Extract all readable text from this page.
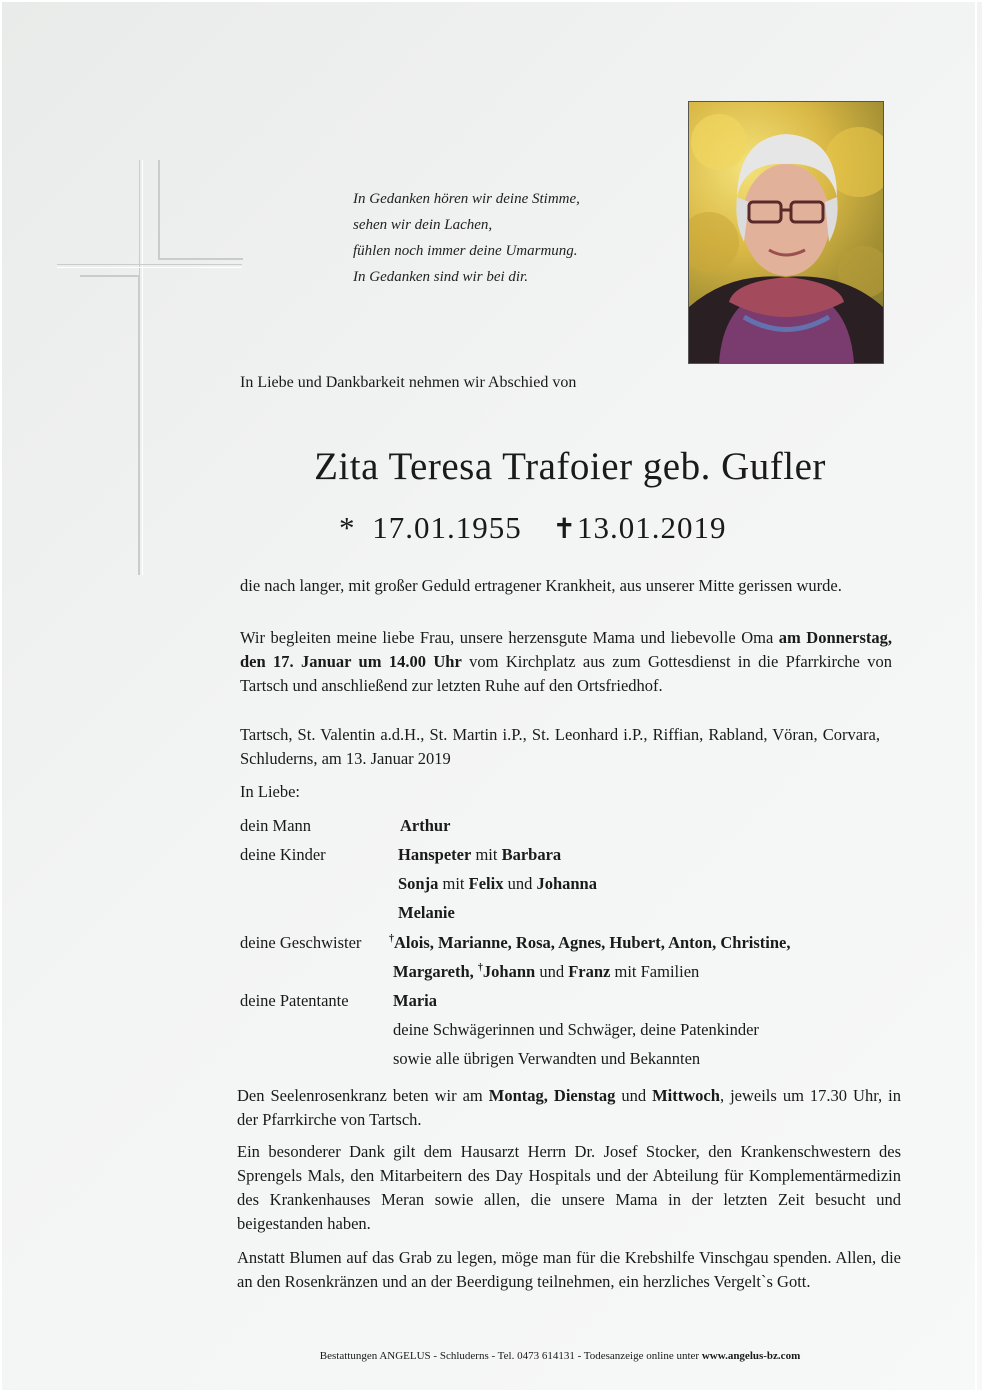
In Gedanken hören wir deine Stimme,
sehen wir dein Lachen,
fühlen noch immer deine Umarmung.
In Gedanken sind wir bei dir.
In Liebe und Dankbarkeit nehmen wir Abschied von
Zita Teresa Trafoier geb. Gufler
* 17.01.1955 ✝13.01.2019
die nach langer, mit großer Geduld ertragener Krankheit, aus unserer Mitte gerissen wurde.
Wir begleiten meine liebe Frau, unsere herzensgute Mama und liebevolle Oma am Donnerstag, den 17. Januar um 14.00 Uhr vom Kirchplatz aus zum Gottesdienst in die Pfarrkirche von Tartsch und anschließend zur letzten Ruhe auf den Ortsfriedhof.
Tartsch, St. Valentin a.d.H., St. Martin i.P., St. Leonhard i.P., Riffian, Rabland, Vöran, Corvara, Schluderns, am 13. Januar 2019
In Liebe:
dein Mann	Arthur
deine Kinder	Hanspeter mit Barbara
Sonja mit Felix und Johanna
Melanie
deine Geschwister	†Alois, Marianne, Rosa, Agnes, Hubert, Anton, Christine,
Margareth, †Johann und Franz mit Familien
deine Patentante	Maria
deine Schwägerinnen und Schwäger, deine Patenkinder
sowie alle übrigen Verwandten und Bekannten
Den Seelenrosenkranz beten wir am Montag, Dienstag und Mittwoch, jeweils um 17.30 Uhr, in der Pfarrkirche von Tartsch.
Ein besonderer Dank gilt dem Hausarzt Herrn Dr. Josef Stocker, den Krankenschwestern des Sprengels Mals, den Mitarbeitern des Day Hospitals und der Abteilung für Komplementärmedizin des Krankenhauses Meran sowie allen, die unsere Mama in der letzten Zeit besucht und beigestanden haben.
Anstatt Blumen auf das Grab zu legen, möge man für die Krebshilfe Vinschgau spenden. Allen, die an den Rosenkränzen und an der Beerdigung teilnehmen, ein herzliches Vergelt`s Gott.
Bestattungen ANGELUS - Schluderns - Tel. 0473 614131 - Todesanzeige online unter www.angelus-bz.com
